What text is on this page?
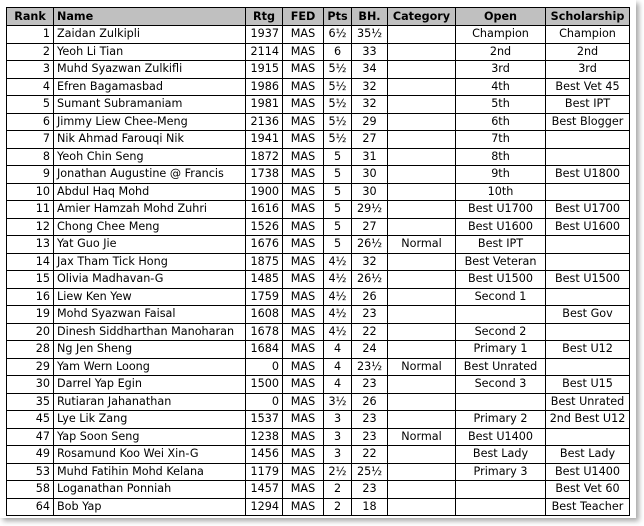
Rank	Name	Rtg	FED	Pts	BH.	Category	Open	Scholarship
1	Zaidan Zulkipli	1937	MAS	6½	35½		Champion	Champion
2	Yeoh Li Tian	2114	MAS	6	33		2nd	2nd
3	Muhd Syazwan Zulkifli	1915	MAS	5½	34		3rd	3rd
4	Efren Bagamasbad	1986	MAS	5½	32		4th	Best Vet 45
5	Sumant Subramaniam	1981	MAS	5½	32		5th	Best IPT
6	Jimmy Liew Chee-Meng	2136	MAS	5½	29		6th	Best Blogger
7	Nik Ahmad Farouqi Nik	1941	MAS	5½	27		7th	
8	Yeoh Chin Seng	1872	MAS	5	31		8th	
9	Jonathan Augustine @ Francis	1738	MAS	5	30		9th	Best U1800
10	Abdul Haq Mohd	1900	MAS	5	30		10th	
11	Amier Hamzah Mohd Zuhri	1616	MAS	5	29½		Best U1700	Best U1700
12	Chong Chee Meng	1526	MAS	5	27		Best U1600	Best U1600
13	Yat Guo Jie	1676	MAS	5	26½	Normal	Best IPT	
14	Jax Tham Tick Hong	1875	MAS	4½	32		Best Veteran	
15	Olivia Madhavan-G	1485	MAS	4½	26½		Best U1500	Best U1500
16	Liew Ken Yew	1759	MAS	4½	26		Second 1	
19	Mohd Syazwan Faisal	1608	MAS	4½	23			Best Gov
20	Dinesh Siddharthan Manoharan	1678	MAS	4½	22		Second 2	
28	Ng Jen Sheng	1684	MAS	4	24		Primary 1	Best U12
29	Yam Wern Loong	0	MAS	4	23½	Normal	Best Unrated	
30	Darrel Yap Egin	1500	MAS	4	23		Second 3	Best U15
35	Rutiaran Jahanathan	0	MAS	3½	26			Best Unrated
45	Lye Lik Zang	1537	MAS	3	23		Primary 2	2nd Best U12
47	Yap Soon Seng	1238	MAS	3	23	Normal	Best U1400	
49	Rosamund Koo Wei Xin-G	1456	MAS	3	22		Best Lady	Best Lady
53	Muhd Fatihin Mohd Kelana	1179	MAS	2½	25½		Primary 3	Best U1400
58	Loganathan Ponniah	1457	MAS	2	23			Best Vet 60
64	Bob Yap	1294	MAS	2	18			Best Teacher
